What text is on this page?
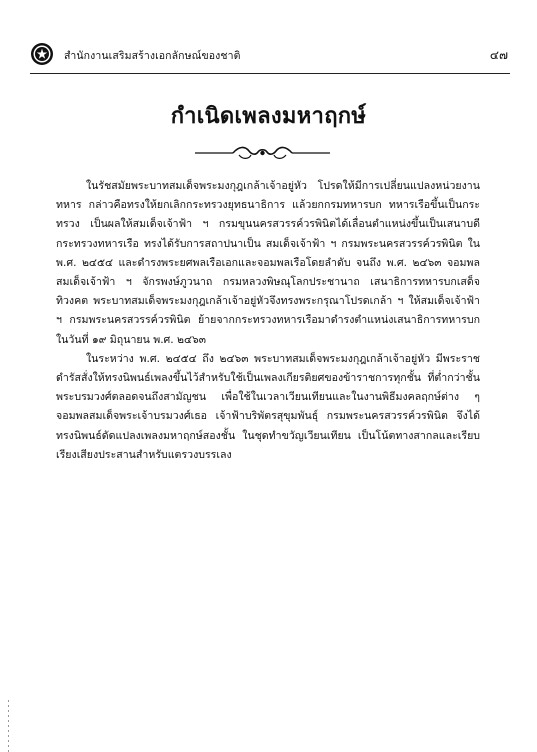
สำนักงานเสริมสร้างเอกลักษณ์ของชาติ	๔๗
กำเนิดเพลงมหาฤกษ์

ในรัชสมัยพระบาทสมเด็จพระมงกุฎเกล้าเจ้าอยู่หัว โปรดให้มีการเปลี่ยนแปลงหน่วยงานทหาร กล่าวคือทรงให้ยกเลิกกระทรวงยุทธนาธิการ แล้วยกกรมทหารบก ทหารเรือขึ้นเป็นกระทรวง เป็นผลให้สมเด็จเจ้าฟ้า ฯ กรมขุนนครสวรรค์วรพินิตได้เลื่อนตำแหน่งขึ้นเป็นเสนาบดีกระทรวงทหารเรือ ทรงได้รับการสถาปนาเป็น สมเด็จเจ้าฟ้า ฯ กรมพระนครสวรรค์วรพินิต ใน พ.ศ. ๒๔๕๔ และดำรงพระยศพลเรือเอกและจอมพลเรือโดยลำดับ จนถึง พ.ศ. ๒๔๖๓ จอมพล สมเด็จเจ้าฟ้า ฯ จักรพงษ์ภูวนาถ กรมหลวงพิษณุโลกประชานาถ เสนาธิการทหารบกเสด็จทิวงคต พระบาทสมเด็จพระมงกุฎเกล้าเจ้าอยู่หัวจึงทรงพระกรุณาโปรดเกล้า ฯ ให้สมเด็จเจ้าฟ้า ฯ กรมพระนครสวรรค์วรพินิต ย้ายจากกระทรวงทหารเรือมาดำรงตำแหน่งเสนาธิการทหารบก ในวันที่ ๑๙ มิถุนายน พ.ศ. ๒๔๖๓

ในระหว่าง พ.ศ. ๒๔๕๔ ถึง ๒๔๖๓ พระบาทสมเด็จพระมงกุฎเกล้าเจ้าอยู่หัว มีพระราชดำรัสสั่งให้ทรงนิพนธ์เพลงขึ้นไว้สำหรับใช้เป็นเพลงเกียรติยศของข้าราชการทุกชั้น ที่ต่ำกว่าชั้นพระบรมวงศ์ตลอดจนถึงสามัญชน เพื่อใช้ในเวลาเวียนเทียนและในงานพิธีมงคลฤกษ์ต่าง ๆ จอมพลสมเด็จพระเจ้าบรมวงศ์เธอ เจ้าฟ้าบริพัตรสุขุมพันธุ์ กรมพระนครสวรรค์วรพินิต จึงได้ทรงนิพนธ์ดัดแปลงเพลงมหาฤกษ์สองชั้น ในชุดทำขวัญเวียนเทียน เป็นโน้ตทางสากลและเรียบเรียงเสียงประสานสำหรับแตรวงบรรเลง
